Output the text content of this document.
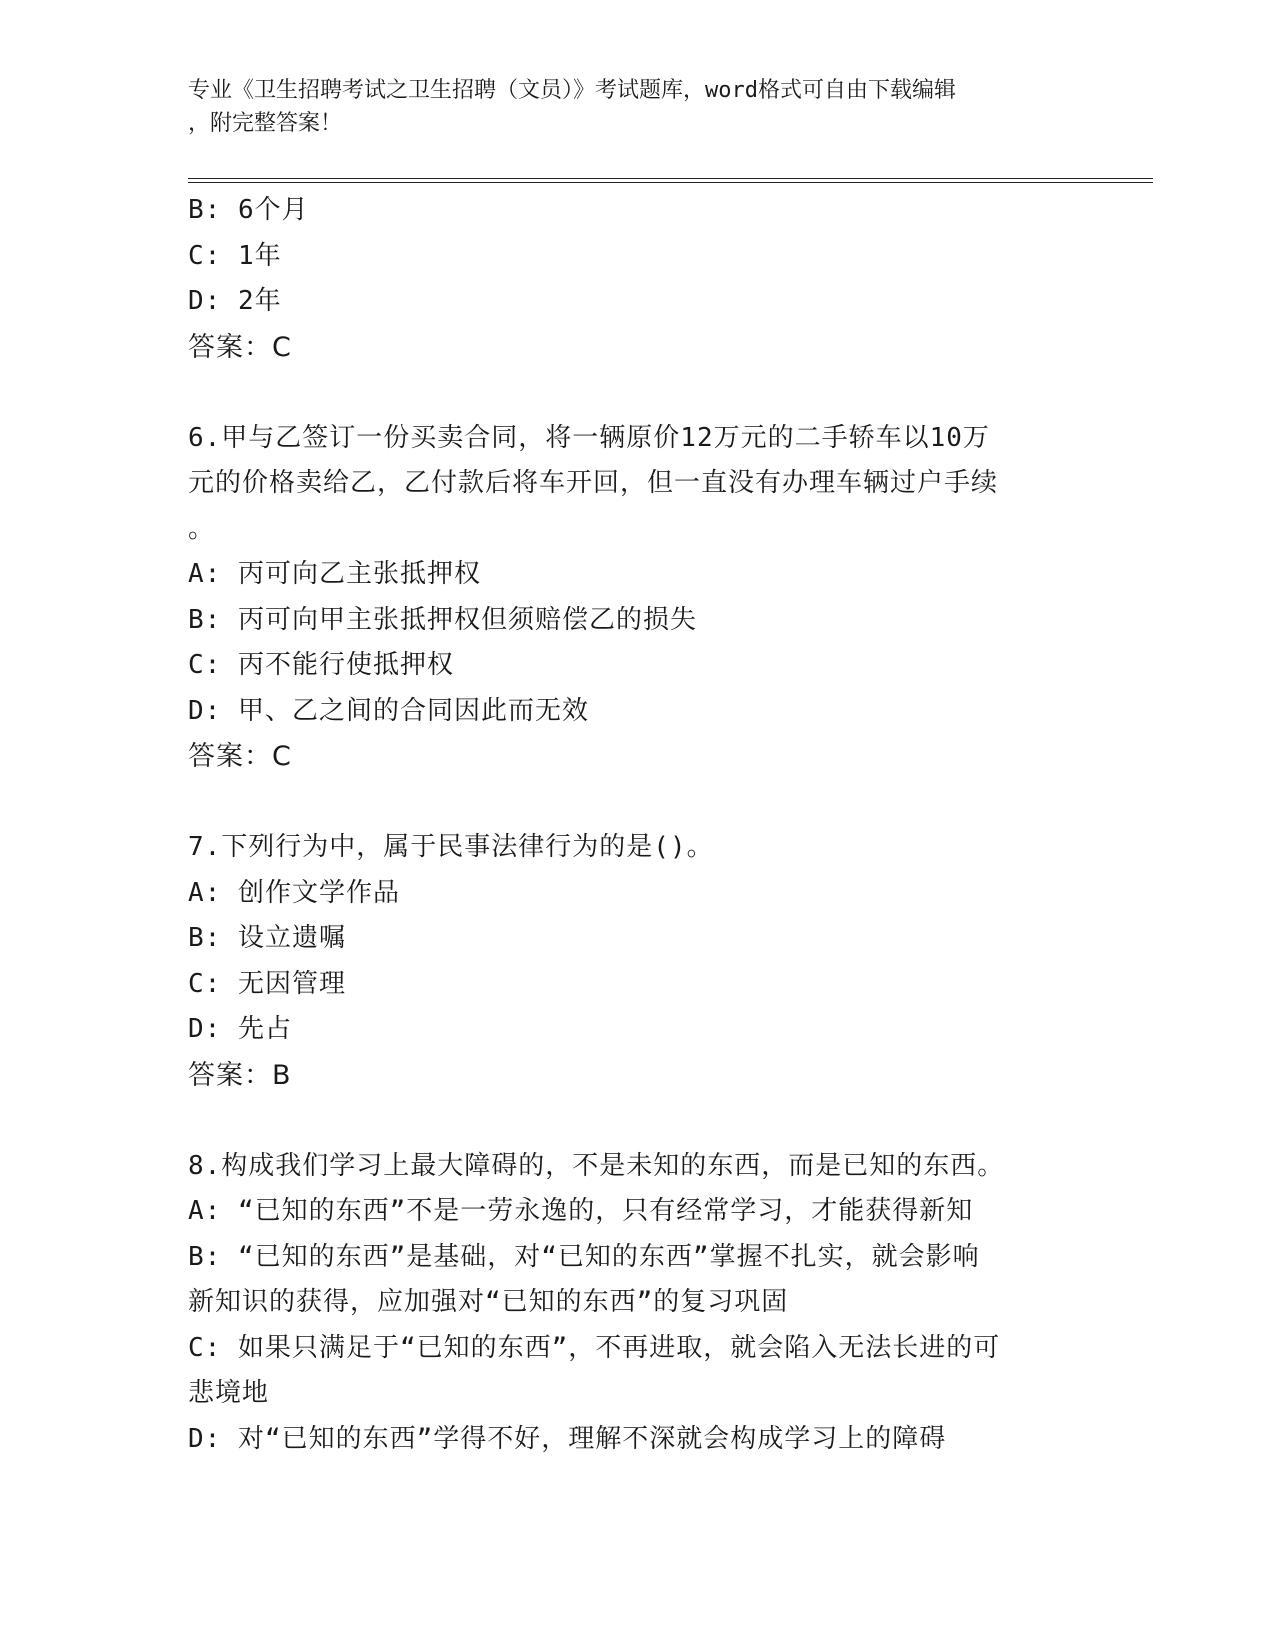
专业《卫生招聘考试之卫生招聘（文员）》考试题库，word格式可自由下载编辑

，附完整答案！

B: 6个月

C: 1年

D: 2年

答案：C

6.甲与乙签订一份买卖合同，将一辆原价12万元的二手轿车以10万

元的价格卖给乙，乙付款后将车开回，但一直没有办理车辆过户手续

。

A: 丙可向乙主张抵押权

B: 丙可向甲主张抵押权但须赔偿乙的损失

C: 丙不能行使抵押权

D: 甲、乙之间的合同因此而无效

答案：C

7.下列行为中，属于民事法律行为的是()。

A: 创作文学作品

B: 设立遗嘱

C: 无因管理

D: 先占

答案：B

8.构成我们学习上最大障碍的，不是未知的东西，而是已知的东西。

A: “已知的东西”不是一劳永逸的，只有经常学习，才能获得新知

B: “已知的东西”是基础，对“已知的东西”掌握不扎实，就会影响

新知识的获得，应加强对“已知的东西”的复习巩固

C: 如果只满足于“已知的东西”，不再进取，就会陷入无法长进的可

悲境地

D: 对“已知的东西”学得不好，理解不深就会构成学习上的障碍
